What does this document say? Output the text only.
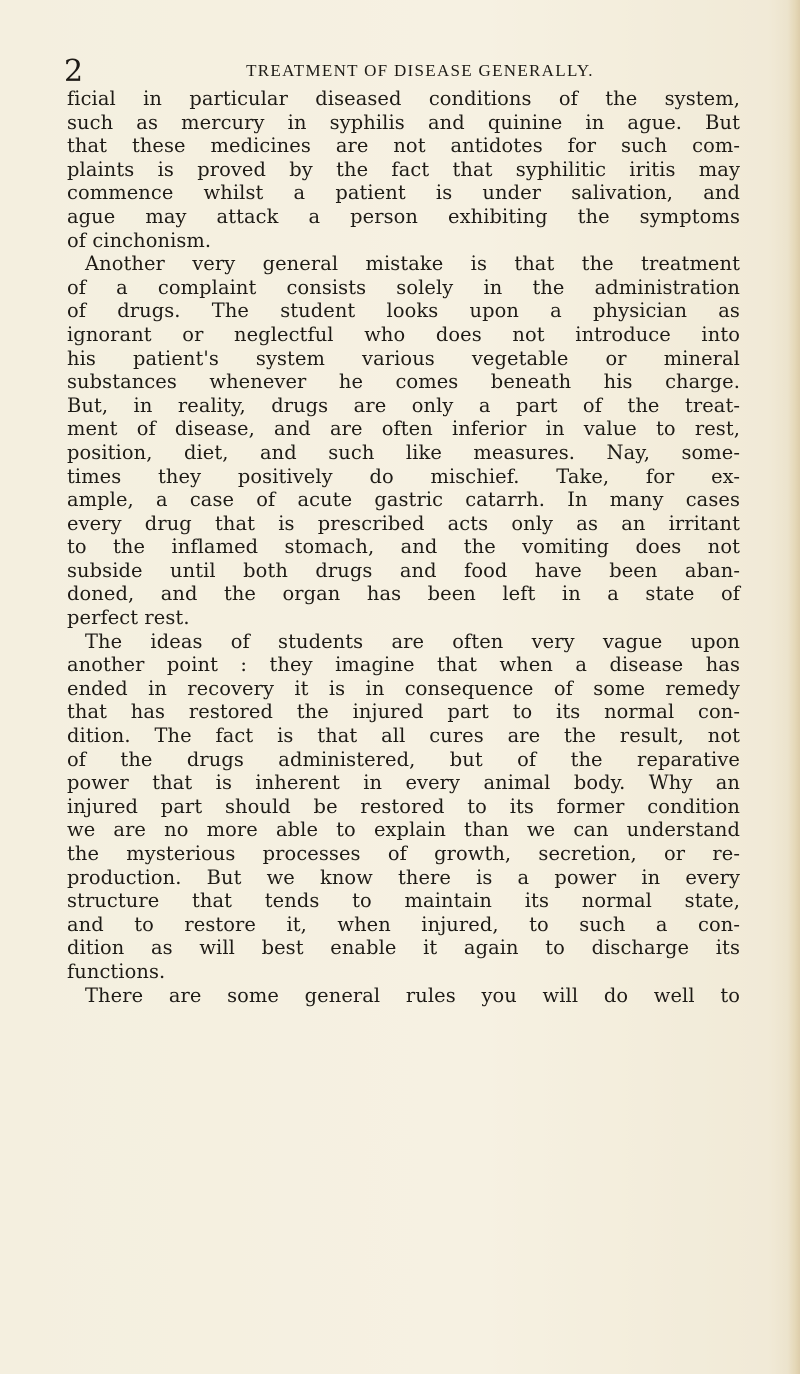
2	TREATMENT OF DISEASE GENERALLY.
ficial in particular diseased conditions of the system,
such as mercury in syphilis and quinine in ague. But
that these medicines are not antidotes for such com-
plaints is proved by the fact that syphilitic iritis may
commence whilst a patient is under salivation, and
ague may attack a person exhibiting the symptoms
of cinchonism.
Another very general mistake is that the treatment
of a complaint consists solely in the administration
of drugs. The student looks upon a physician as
ignorant or neglectful who does not introduce into
his patient's system various vegetable or mineral
substances whenever he comes beneath his charge.
But, in reality, drugs are only a part of the treat-
ment of disease, and are often inferior in value to rest,
position, diet, and such like measures. Nay, some-
times they positively do mischief. Take, for ex-
ample, a case of acute gastric catarrh. In many cases
every drug that is prescribed acts only as an irritant
to the inflamed stomach, and the vomiting does not
subside until both drugs and food have been aban-
doned, and the organ has been left in a state of
perfect rest.
The ideas of students are often very vague upon
another point : they imagine that when a disease has
ended in recovery it is in consequence of some remedy
that has restored the injured part to its normal con-
dition. The fact is that all cures are the result, not
of the drugs administered, but of the reparative
power that is inherent in every animal body. Why an
injured part should be restored to its former condition
we are no more able to explain than we can understand
the mysterious processes of growth, secretion, or re-
production. But we know there is a power in every
structure that tends to maintain its normal state,
and to restore it, when injured, to such a con-
dition as will best enable it again to discharge its
functions.
There are some general rules you will do well to
